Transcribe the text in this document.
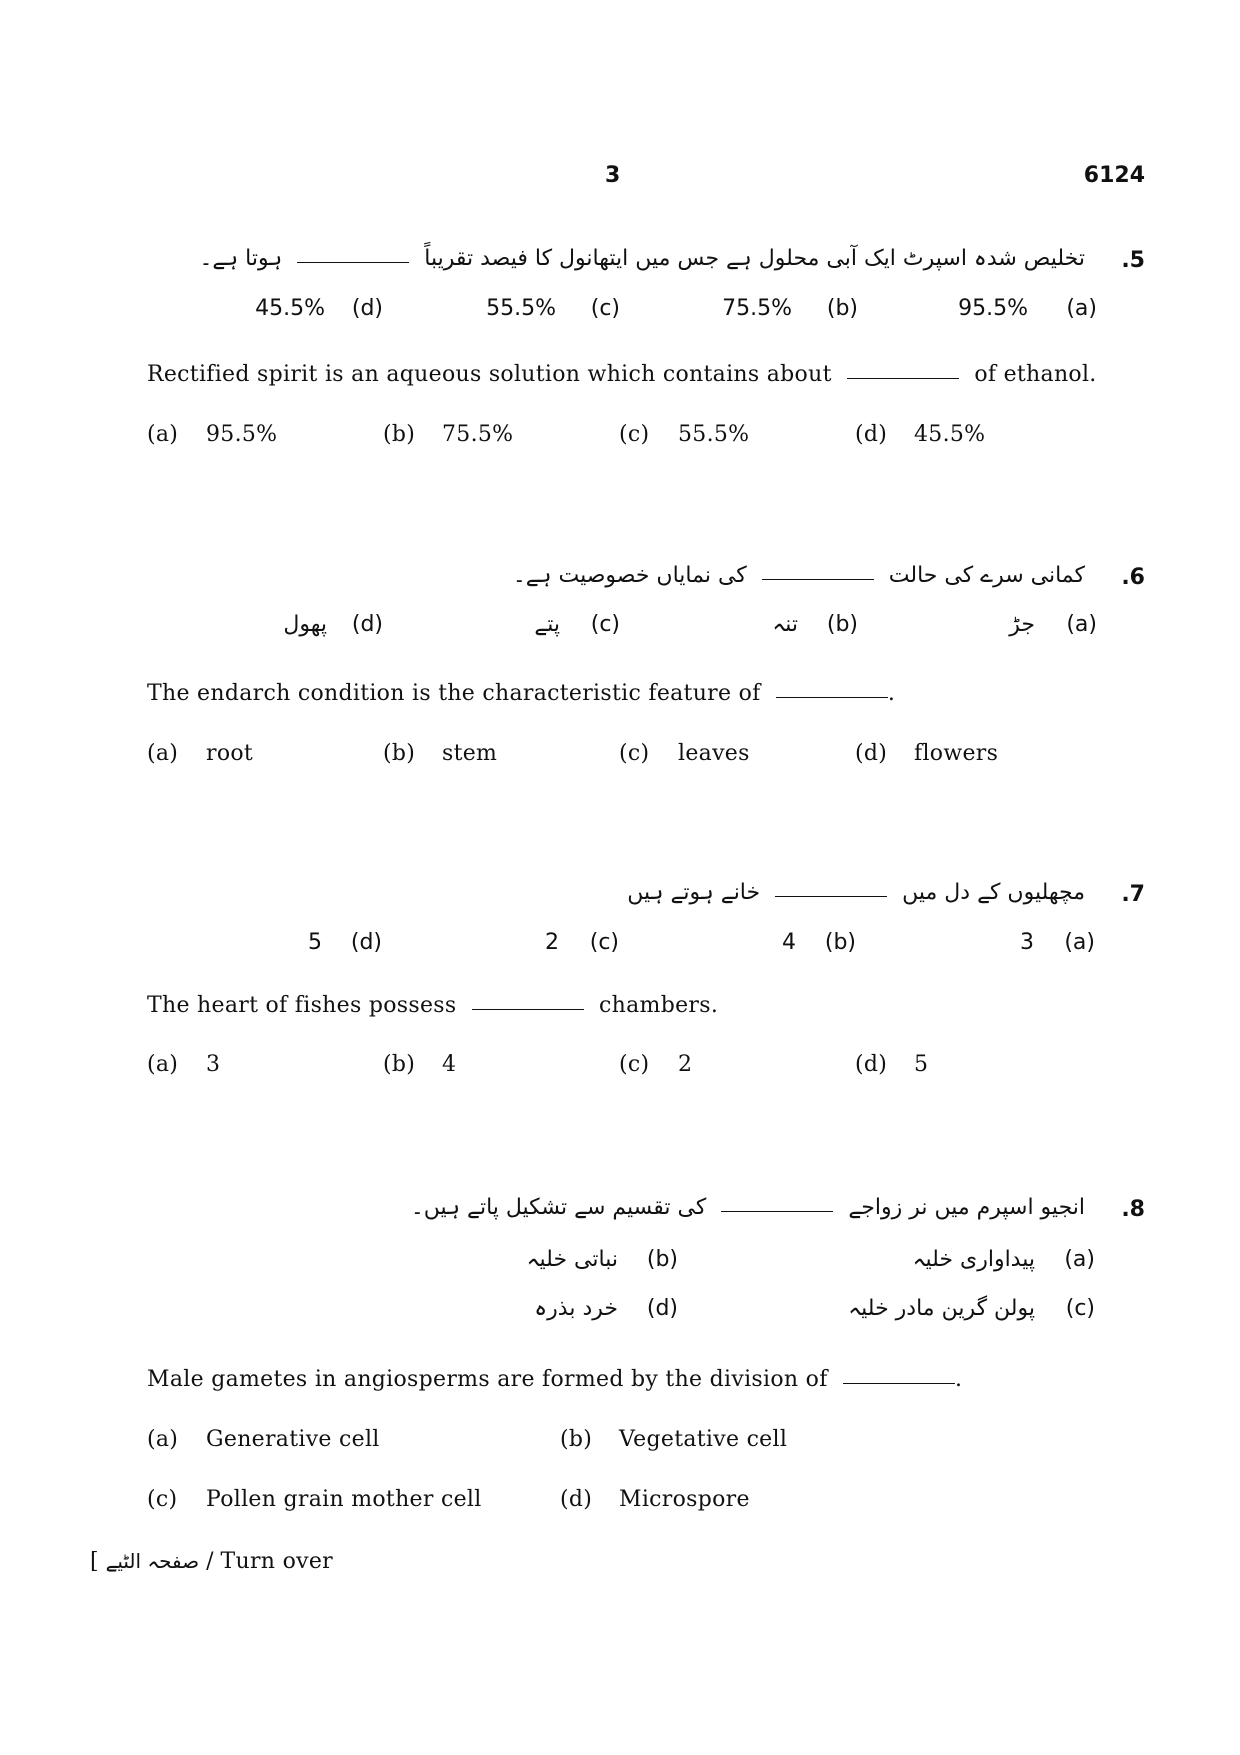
3	6124
.5
تخلیص شدہ اسپرٹ ایک آبی محلول ہے جس میں ایتھانول کا فیصد تقریباً  ہوتا ہے۔
(a)
95.5%
(b)
75.5%
(c)
55.5%
(d)
45.5%
Rectified spirit is an aqueous solution which contains about	of ethanol.
(a) 95.5%	(b) 75.5%	(c) 55.5%	(d) 45.5%
.6
کمانی سرے کی حالت  کی نمایاں خصوصیت ہے۔
(a)
جڑ
(b)
تنہ
(c)
پتے
(d)
پھول
The endarch condition is the characteristic feature of	.
(a) root	(b) stem	(c) leaves	(d) flowers
.7
مچھلیوں کے دل میں  خانے ہوتے ہیں
(a)
3
(b)
4
(c)
2
(d)
5
The heart of fishes possess	chambers.
(a) 3	(b) 4	(c) 2	(d) 5
.8
انجیو اسپرم میں نر زواجے  کی تقسیم سے تشکیل پاتے ہیں۔
(a)
پیداواری خلیہ
(b)
نباتی خلیہ
(c)
پولن گرین مادر خلیہ
(d)
خرد بذرہ
Male gametes in angiosperms are formed by the division of	.
(a) Generative cell	(b) Vegetative cell
(c) Pollen grain mother cell	(d) Microspore
[ صفحہ الٹیے / Turn over
